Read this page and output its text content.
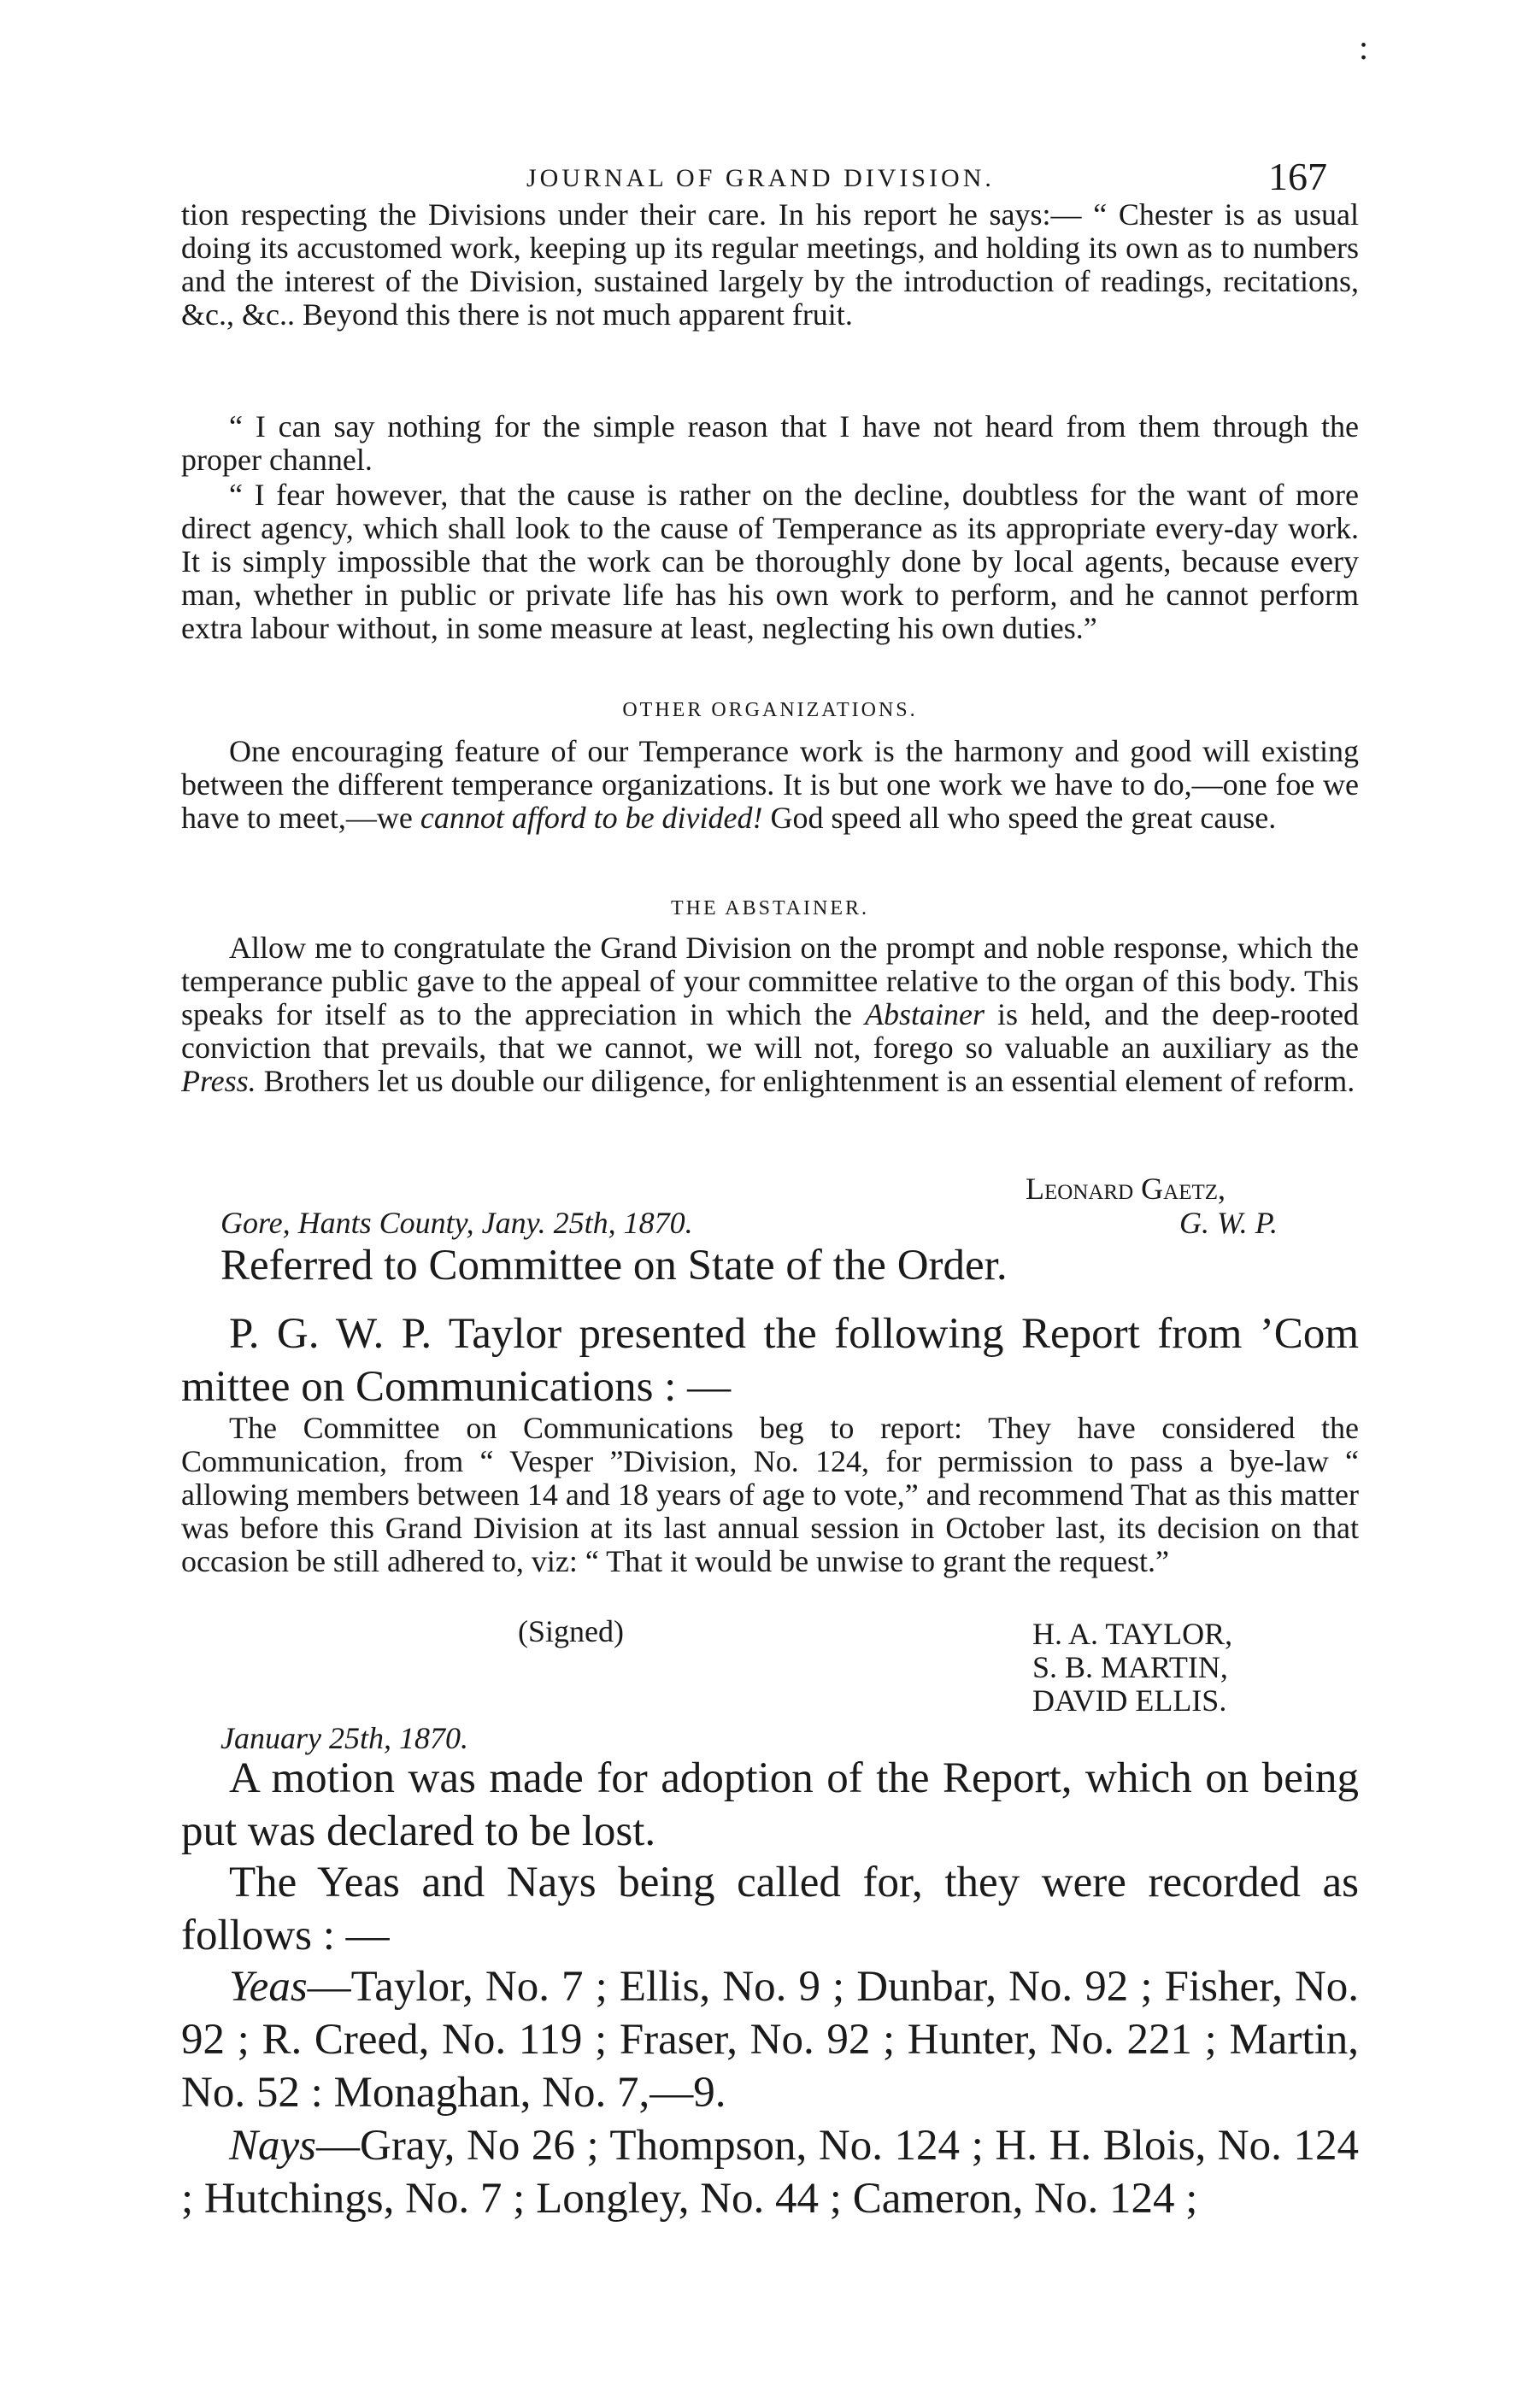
:
JOURNAL OF GRAND DIVISION.	167

tion respecting the Divisions under their care. In his report he says:— “ Chester is as usual doing its accustomed work, keeping up its regular meetings, and holding its own as to numbers and the interest of the Division, sustained largely by the introduction of readings, recitations, &c., &c.. Beyond this there is not much apparent fruit.

“ I can say nothing for the simple reason that I have not heard from them through the proper channel.

“ I fear however, that the cause is rather on the decline, doubtless for the want of more direct agency, which shall look to the cause of Temperance as its appropriate every-day work. It is simply impossible that the work can be thoroughly done by local agents, because every man, whether in public or private life has his own work to perform, and he cannot perform extra labour without, in some measure at least, neglecting his own duties.”

OTHER ORGANIZATIONS.

One encouraging feature of our Temperance work is the harmony and good will existing between the different temperance organizations. It is but one work we have to do,—one foe we have to meet,—we cannot afford to be divided! God speed all who speed the great cause.

THE ABSTAINER.

Allow me to congratulate the Grand Division on the prompt and noble response, which the temperance public gave to the appeal of your committee relative to the organ of this body. This speaks for itself as to the appreciation in which the Abstainer is held, and the deep-rooted conviction that prevails, that we cannot, we will not, forego so valuable an auxiliary as the Press. Brothers let us double our diligence, for enlightenment is an essential element of reform.

Leonard Gaetz,

Gore, Hants County, Jany. 25th, 1870.	G. W. P.

Referred to Committee on State of the Order.

P. G. W. P. Taylor presented the following Report from ’Com mittee on Communications : —

The Committee on Communications beg to report: They have considered the Communication, from “ Vesper ”Division, No. 124, for permission to pass a bye-law “ allowing members between 14 and 18 years of age to vote,” and recommend That as this matter was before this Grand Division at its last annual session in October last, its decision on that occasion be still adhered to, viz: “ That it would be unwise to grant the request.”

(Signed)	H. A. TAYLOR,

S. B. MARTIN,

DAVID ELLIS.

January 25th, 1870.

A motion was made for adoption of the Report, which on being put was declared to be lost.

The Yeas and Nays being called for, they were recorded as follows : —

Yeas—Taylor, No. 7 ; Ellis, No. 9 ; Dunbar, No. 92 ; Fisher, No. 92 ; R. Creed, No. 119 ; Fraser, No. 92 ; Hunter, No. 221 ; Martin, No. 52 : Monaghan, No. 7,—9.

Nays—Gray, No 26 ; Thompson, No. 124 ; H. H. Blois, No. 124 ; Hutchings, No. 7 ; Longley, No. 44 ; Cameron, No. 124 ;
